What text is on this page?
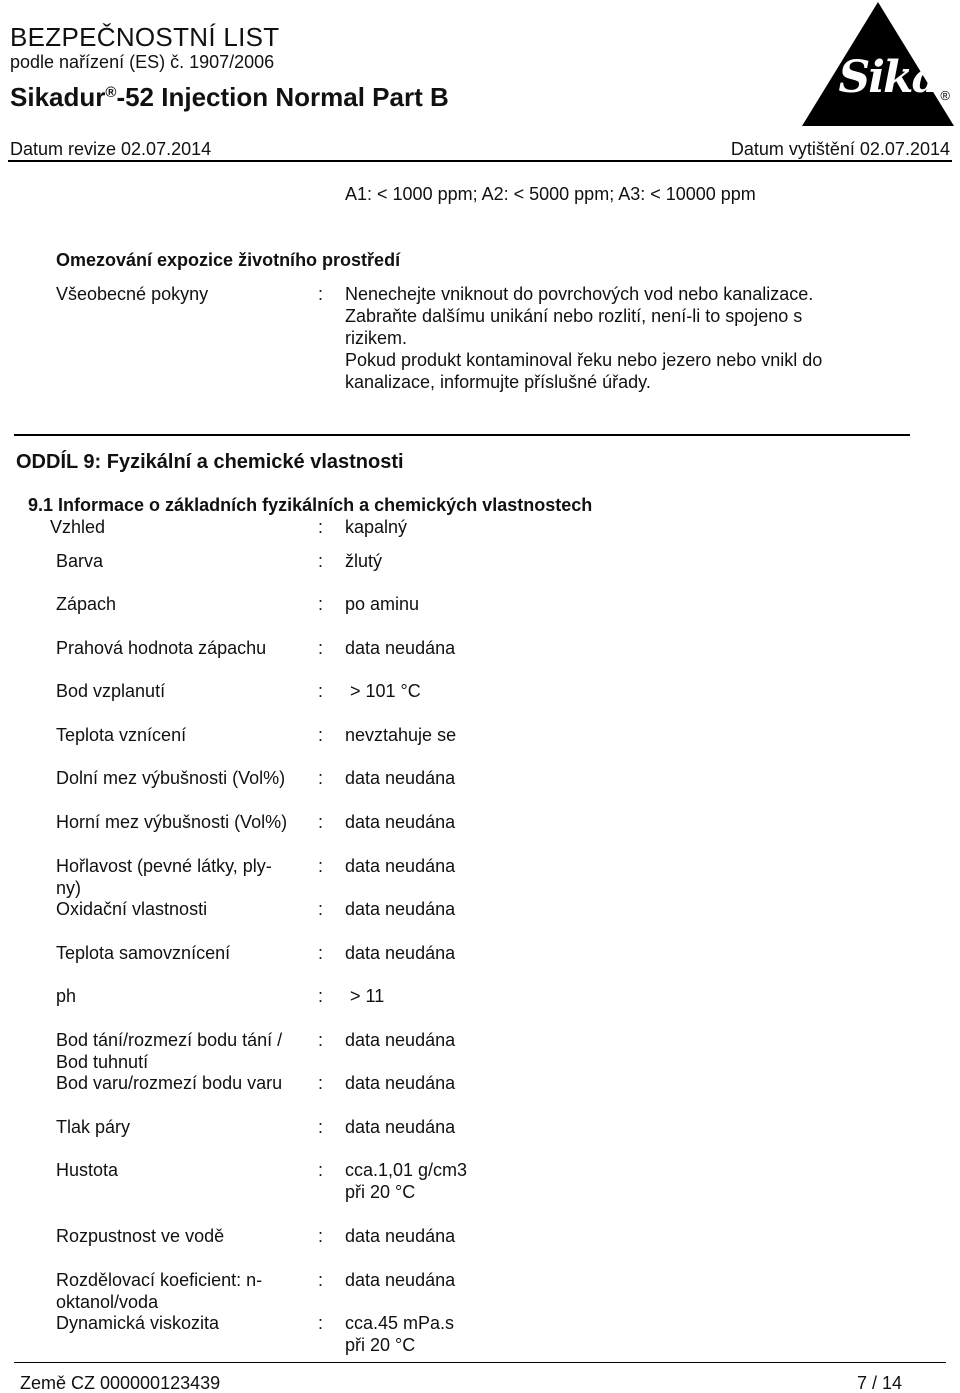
BEZPEČNOSTNÍ LIST
podle nařízení (ES) č. 1907/2006
Sikadur®-52 Injection Normal Part B
Datum revize 02.07.2014	Datum vytištění 02.07.2014
Sika ®
A1: < 1000 ppm; A2: < 5000 ppm; A3: < 10000 ppm
Omezování expozice životního prostředí
Všeobecné pokyny	: Nenechejte vniknout do povrchových vod nebo kanalizace.
Zabraňte dalšímu unikání nebo rozlití, není-li to spojeno s
rizikem.
Pokud produkt kontaminoval řeku nebo jezero nebo vnikl do
kanalizace, informujte příslušné úřady.
ODDÍL 9: Fyzikální a chemické vlastnosti
9.1 Informace o základních fyzikálních a chemických vlastnostech
Vzhled	: kapalný
Barva	: žlutý
Zápach	: po aminu
Prahová hodnota zápachu	: data neudána
Bod vzplanutí	: > 101 °C
Teplota vznícení	: nevztahuje se
Dolní mez výbušnosti (Vol%)	: data neudána
Horní mez výbušnosti (Vol%)	: data neudána
Hořlavost (pevné látky, ply-ny)
: data neudána
Oxidační vlastnosti	: data neudána
Teplota samovznícení	: data neudána
ph	: > 11
Bod tání/rozmezí bodu tání / Bod tuhnutí
: data neudána
Bod varu/rozmezí bodu varu	: data neudána
Tlak páry	: data neudána
Hustota	: cca.1,01 g/cm3
při 20 °C
Rozpustnost ve vodě	: data neudána
Rozdělovací koeficient: n-oktanol/voda
: data neudána
Dynamická viskozita	: cca.45 mPa.s
při 20 °C
Země CZ 000000123439	7 / 14
